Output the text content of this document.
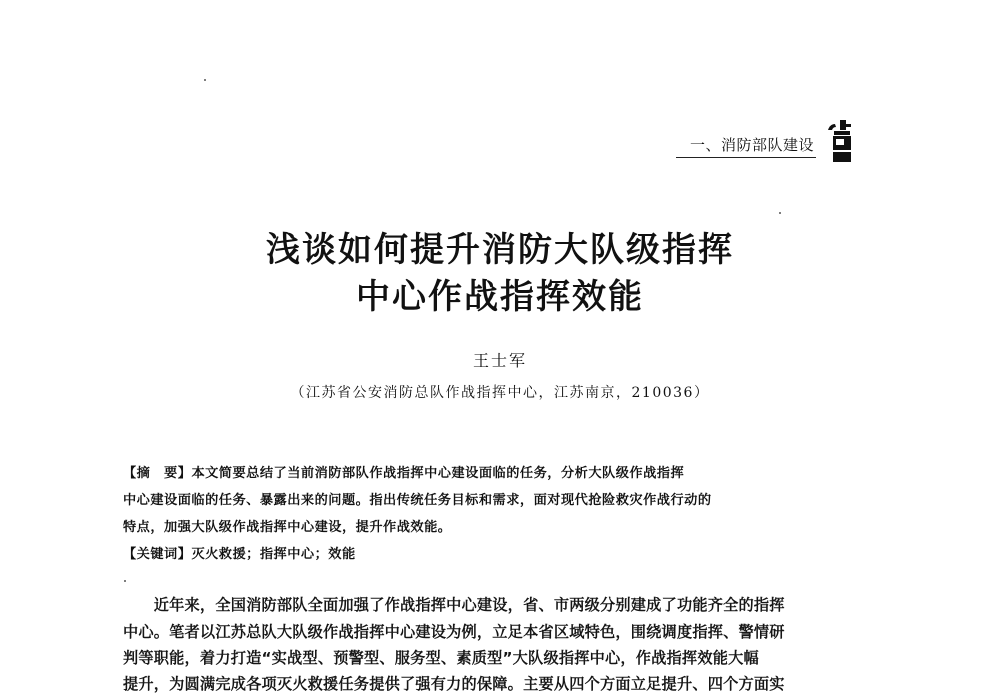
一、消防部队建设
浅谈如何提升消防大队级指挥
中心作战指挥效能
王士军
（江苏省公安消防总队作战指挥中心，江苏南京，210036）
【摘　要】本文简要总结了当前消防部队作战指挥中心建设面临的任务，分析大队级作战指挥
中心建设面临的任务、暴露出来的问题。指出传统任务目标和需求，面对现代抢险救灾作战行动的
特点，加强大队级作战指挥中心建设，提升作战效能。
【关键词】灭火救援；指挥中心；效能
　　近年来，全国消防部队全面加强了作战指挥中心建设，省、市两级分别建成了功能齐全的指挥
中心。笔者以江苏总队大队级作战指挥中心建设为例，立足本省区域特色，围绕调度指挥、警情研
判等职能，着力打造“实战型、预警型、服务型、素质型”大队级指挥中心，作战指挥效能大幅
提升，为圆满完成各项灭火救援任务提供了强有力的保障。主要从四个方面立足提升、四个方面实
